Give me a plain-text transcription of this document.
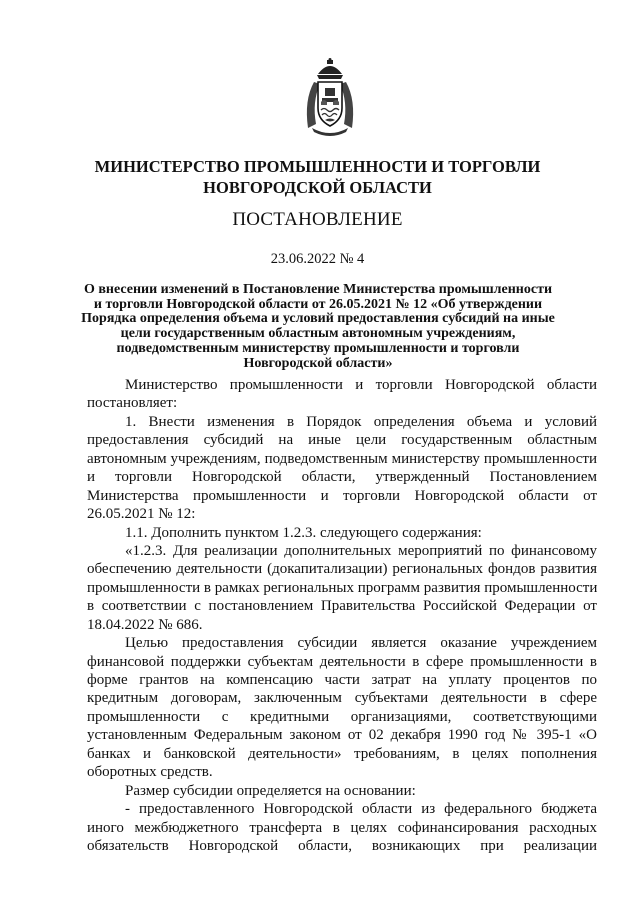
МИНИСТЕРСТВО ПРОМЫШЛЕННОСТИ И ТОРГОВЛИ
НОВГОРОДСКОЙ ОБЛАСТИ
ПОСТАНОВЛЕНИЕ
23.06.2022 № 4
О внесении изменений в Постановление Министерства промышленности
и торговли Новгородской области от 26.05.2021 № 12 «Об утверждении
Порядка определения объема и условий предоставления субсидий на иные
цели государственным областным автономным учреждениям,
подведомственным министерству промышленности и торговли
Новгородской области»
Министерство промышленности и торговли Новгородской области
постановляет:
1. Внести изменения в Порядок определения объема и условий
предоставления субсидий на иные цели государственным областным
автономным учреждениям, подведомственным министерству промышленности
и торговли Новгородской области, утвержденный Постановлением
Министерства промышленности и торговли Новгородской области от
26.05.2021 № 12:
1.1. Дополнить пунктом 1.2.3. следующего содержания:
«1.2.3. Для реализации дополнительных мероприятий по финансовому
обеспечению деятельности (докапитализации) региональных фондов развития
промышленности в рамках региональных программ развития промышленности
в соответствии с постановлением Правительства Российской Федерации от
18.04.2022 № 686.
Целью предоставления субсидии является оказание учреждением
финансовой поддержки субъектам деятельности в сфере промышленности в
форме грантов на компенсацию части затрат на уплату процентов по
кредитным договорам, заключенным субъектами деятельности в сфере
промышленности с кредитными организациями, соответствующими
установленным Федеральным законом от 02 декабря 1990 год № 395-1 «О
банках и банковской деятельности» требованиям, в целях пополнения
оборотных средств.
Размер субсидии определяется на основании:
- предоставленного Новгородской области из федерального бюджета
иного межбюджетного трансферта в целях софинансирования расходных
обязательств Новгородской области, возникающих при реализации
